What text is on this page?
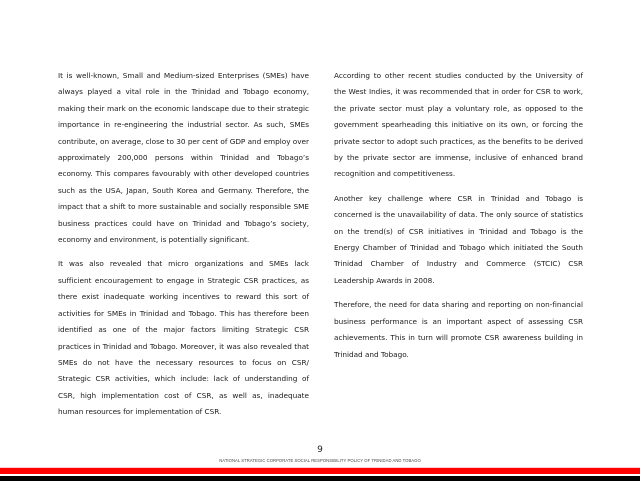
It is well-known, Small and Medium-sized Enterprises (SMEs) have always played a vital role in the Trinidad and Tobago economy, making their mark on the economic landscape due to their strategic importance in re-engineering the industrial sector. As such, SMEs contribute, on average, close to 30 per cent of GDP and employ over approximately 200,000 persons within Trinidad and Tobago’s economy. This compares favourably with other developed countries such as the USA, Japan, South Korea and Germany. Therefore, the impact that a shift to more sustainable and socially responsible SME business practices could have on Trinidad and Tobago’s society, economy and environment, is potentially significant.

It was also revealed that micro organizations and SMEs lack sufficient encouragement to engage in Strategic CSR practices, as there exist inadequate working incentives to reward this sort of activities for SMEs in Trinidad and Tobago. This has therefore been identified as one of the major factors limiting Strategic CSR practices in Trinidad and Tobago. Moreover, it was also revealed that SMEs do not have the necessary resources to focus on CSR/ Strategic CSR activities, which include: lack of understanding of CSR, high implementation cost of CSR, as well as, inadequate human resources for implementation of CSR.

According to other recent studies conducted by the University of the West Indies, it was recommended that in order for CSR to work, the private sector must play a voluntary role, as opposed to the government spearheading this initiative on its own, or forcing the private sector to adopt such practices, as the benefits to be derived by the private sector are immense, inclusive of enhanced brand recognition and competitiveness.

Another key challenge where CSR in Trinidad and Tobago is concerned is the unavailability of data. The only source of statistics on the trend(s) of CSR initiatives in Trinidad and Tobago is the Energy Chamber of Trinidad and Tobago which initiated the South Trinidad Chamber of Industry and Commerce (STCIC) CSR Leadership Awards in 2008.

Therefore, the need for data sharing and reporting on non-financial business performance is an important aspect of assessing CSR achievements. This in turn will promote CSR awareness building in Trinidad and Tobago.

9
NATIONAL STRATEGIC CORPORATE SOCIAL RESPONSIBILITY POLICY OF TRINIDAD AND TOBAGO
